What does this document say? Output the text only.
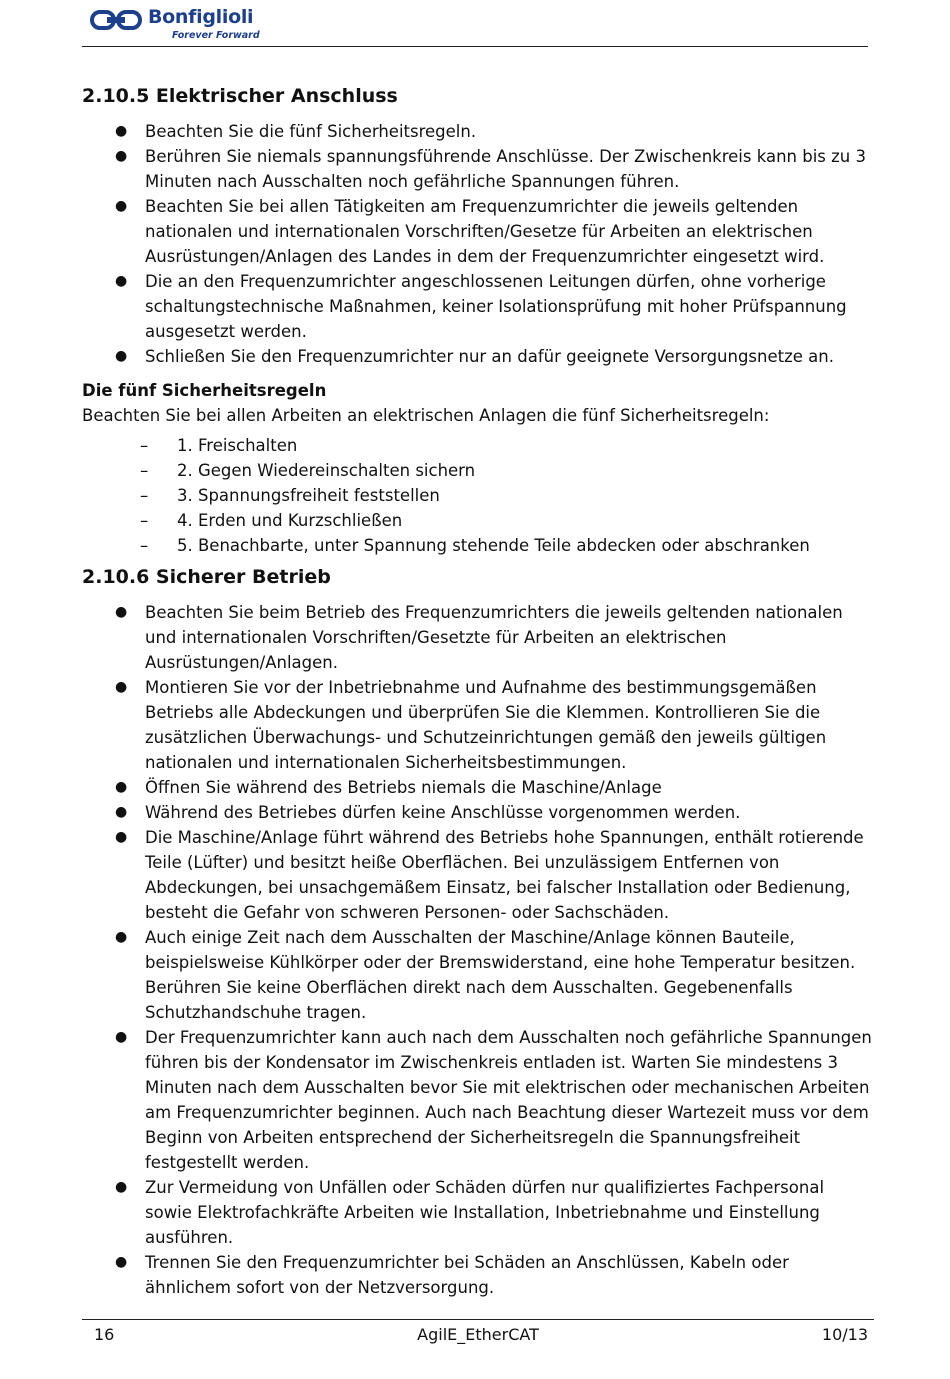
Bonfiglioli
Forever Forward
2.10.5 Elektrischer Anschluss
● Beachten Sie die fünf Sicherheitsregeln.
● Berühren Sie niemals spannungsführende Anschlüsse. Der Zwischenkreis kann bis zu 3 Minuten nach Ausschalten noch gefährliche Spannungen führen.
● Beachten Sie bei allen Tätigkeiten am Frequenzumrichter die jeweils geltenden nationalen und internationalen Vorschriften/Gesetze für Arbeiten an elektrischen Ausrüstungen/Anlagen des Landes in dem der Frequenzumrichter eingesetzt wird.
● Die an den Frequenzumrichter angeschlossenen Leitungen dürfen, ohne vorherige schaltungstechnische Maßnahmen, keiner Isolationsprüfung mit hoher Prüfspannung ausgesetzt werden.
● Schließen Sie den Frequenzumrichter nur an dafür geeignete Versorgungsnetze an.
Die fünf Sicherheitsregeln

Beachten Sie bei allen Arbeiten an elektrischen Anlagen die fünf Sicherheitsregeln:

– 1. Freischalten
– 2. Gegen Wiedereinschalten sichern
– 3. Spannungsfreiheit feststellen
– 4. Erden und Kurzschließen
– 5. Benachbarte, unter Spannung stehende Teile abdecken oder abschranken
2.10.6 Sicherer Betrieb
● Beachten Sie beim Betrieb des Frequenzumrichters die jeweils geltenden nationalen und internationalen Vorschriften/Gesetzte für Arbeiten an elektrischen Ausrüstungen/Anlagen.
● Montieren Sie vor der Inbetriebnahme und Aufnahme des bestimmungsgemäßen Betriebs alle Abdeckungen und überprüfen Sie die Klemmen. Kontrollieren Sie die zusätzlichen Überwachungs- und Schutzeinrichtungen gemäß den jeweils gültigen nationalen und internationalen Sicherheitsbestimmungen.
● Öffnen Sie während des Betriebs niemals die Maschine/Anlage
● Während des Betriebes dürfen keine Anschlüsse vorgenommen werden.
● Die Maschine/Anlage führt während des Betriebs hohe Spannungen, enthält rotierende Teile (Lüfter) und besitzt heiße Oberflächen. Bei unzulässigem Entfernen von Abdeckungen, bei unsachgemäßem Einsatz, bei falscher Installation oder Bedienung, besteht die Gefahr von schweren Personen- oder Sachschäden.
● Auch einige Zeit nach dem Ausschalten der Maschine/Anlage können Bauteile, beispielsweise Kühlkörper oder der Bremswiderstand, eine hohe Temperatur besitzen. Berühren Sie keine Oberflächen direkt nach dem Ausschalten. Gegebenenfalls Schutzhandschuhe tragen.
● Der Frequenzumrichter kann auch nach dem Ausschalten noch gefährliche Spannungen führen bis der Kondensator im Zwischenkreis entladen ist. Warten Sie mindestens 3 Minuten nach dem Ausschalten bevor Sie mit elektrischen oder mechanischen Arbeiten am Frequenzumrichter beginnen. Auch nach Beachtung dieser Wartezeit muss vor dem Beginn von Arbeiten entsprechend der Sicherheitsregeln die Spannungsfreiheit festgestellt werden.
● Zur Vermeidung von Unfällen oder Schäden dürfen nur qualifiziertes Fachpersonal sowie Elektrofachkräfte Arbeiten wie Installation, Inbetriebnahme und Einstellung ausführen.
● Trennen Sie den Frequenzumrichter bei Schäden an Anschlüssen, Kabeln oder ähnlichem sofort von der Netzversorgung.
16	AgilE_EtherCAT	10/13
